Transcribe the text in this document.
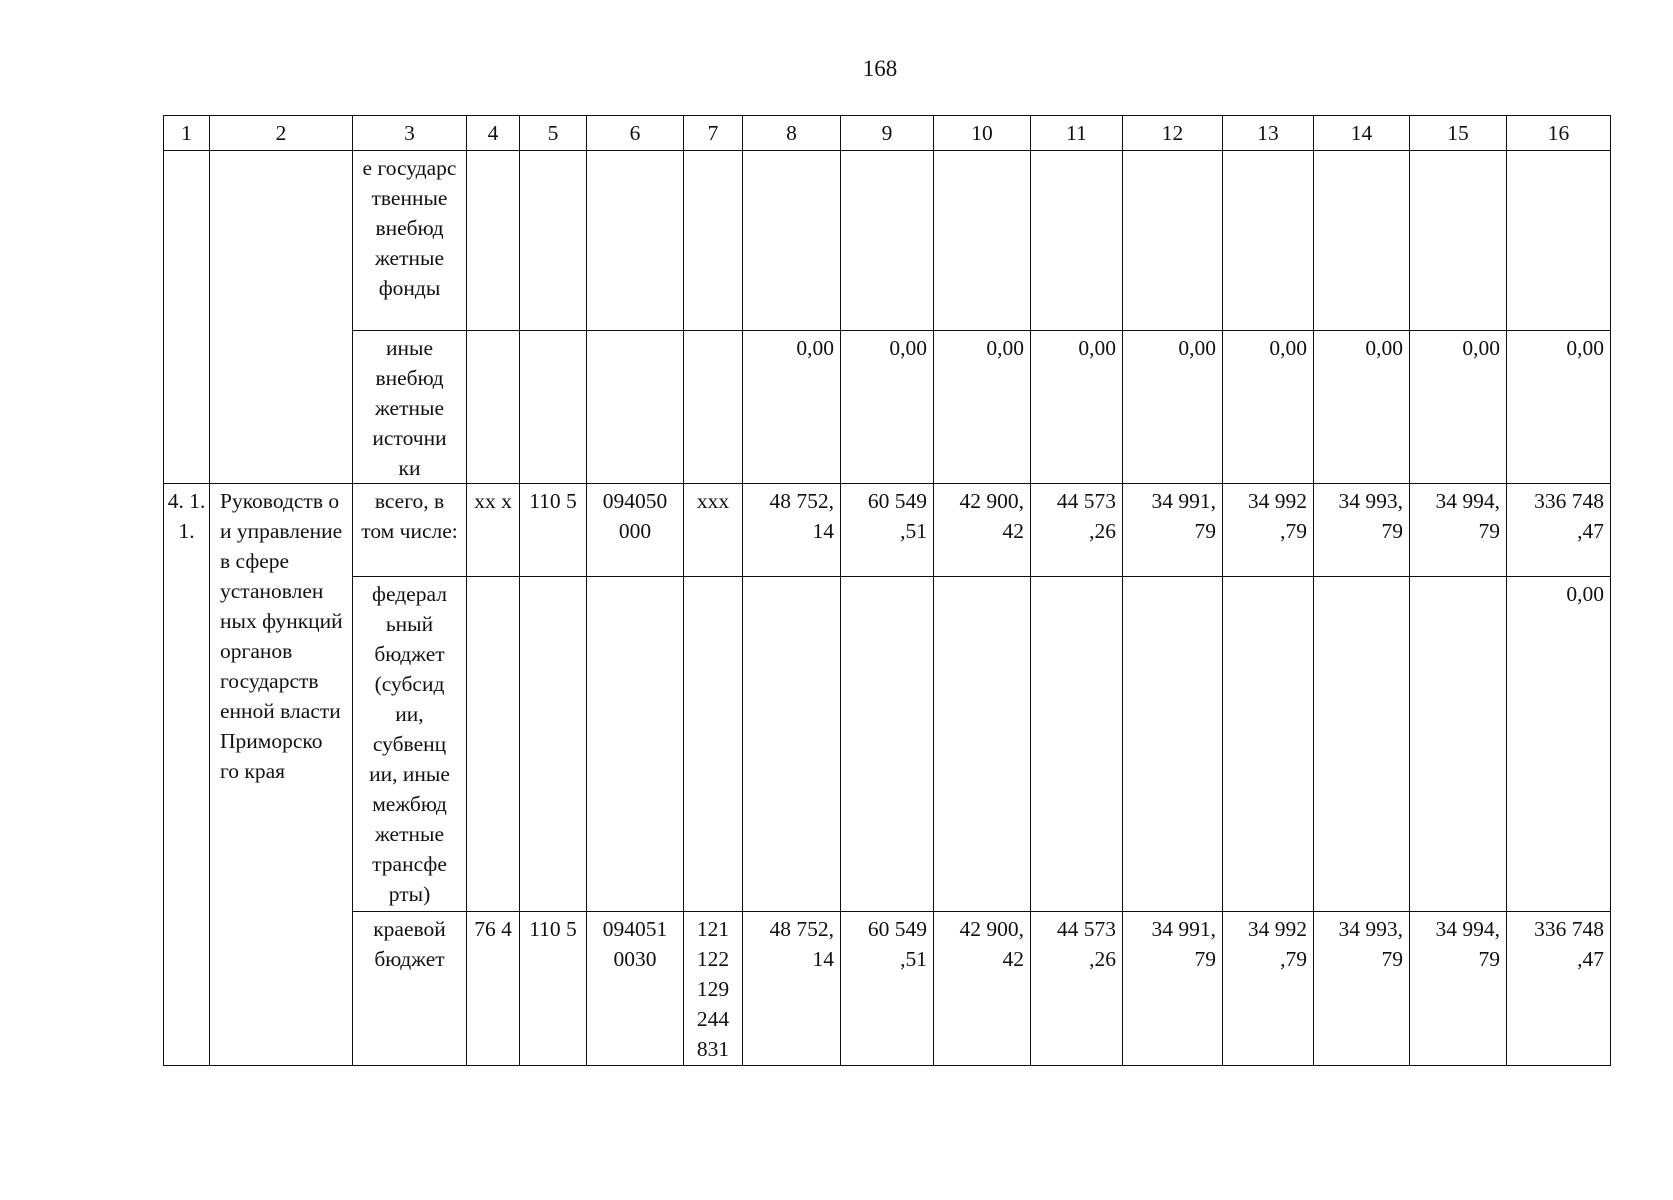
168
1	2	3	4	5	6	7	8	9	10	11	12	13	14	15	16
		е государс твенные внебюд жетные фонды													
		иные внебюд жетные источни ки					0,00	0,00	0,00	0,00	0,00	0,00	0,00	0,00	0,00
4. 1. 1.	Руководств о и управление в сфере установлен ных функций органов государств енной власти Приморско го края	всего, в том числе:	хх х	110 5	094050 000	ххх	48 752, 14	60 549 ,51	42 900, 42	44 573 ,26	34 991, 79	34 992 ,79	34 993, 79	34 994, 79	336 748 ,47
		федерал ьный бюджет (субсид ии, субвенц ии, иные межбюд жетные трансфе рты)													0,00
		краевой бюджет	76 4	110 5	094051 0030	121 122 129 244 831	48 752, 14	60 549 ,51	42 900, 42	44 573 ,26	34 991, 79	34 992 ,79	34 993, 79	34 994, 79	336 748 ,47
